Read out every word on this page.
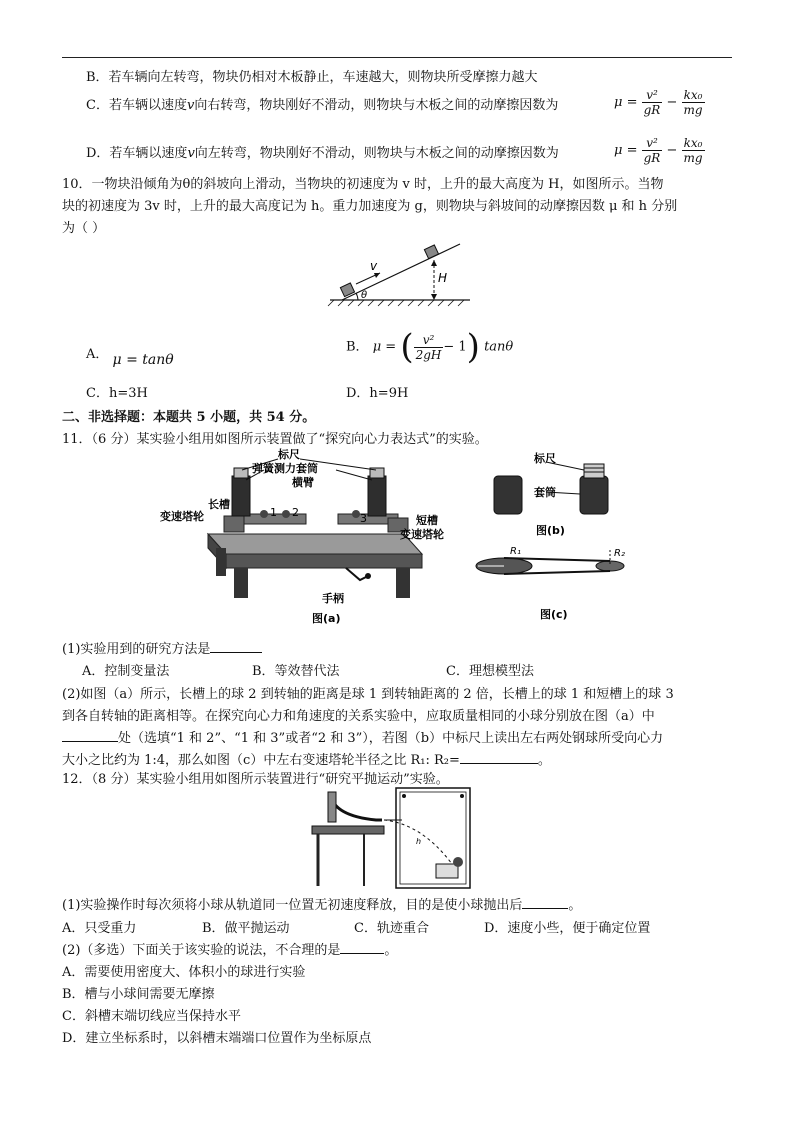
B．若车辆向左转弯，物块仍相对木板静止，车速越大，则物块所受摩擦力越大
C．若车辆以速度v向右转弯，物块刚好不滑动，则物块与木板之间的动摩擦因数为	$\mu = \frac{\text{v²}}{gR} - \frac{\text{kx₀}}{mg}$
D．若车辆以速度v向左转弯，物块刚好不滑动，则物块与木板之间的动摩擦因数为	$\mu = \frac{\text{v²}}{gR} - \frac{\text{kx₀}}{mg}$
10．一物块沿倾角为θ的斜坡向上滑动，当物块的初速度为 v 时，上升的最大高度为 H，如图所示。当物
块的初速度为 3v 时，上升的最大高度记为 h。重力加速度为 g，则物块与斜坡间的动摩擦因数 μ 和 h 分别
为（ ）
v
H
θ
A． μ = tanθ
B． μ = ( $\frac{\text{v²}}{2gH} - 1$) tanθ
C．h=3H	D．h=9H
二、非选择题：本题共 5 小题，共 54 分。
11．（6 分）某实验小组用如图所示装置做了“探究向心力表达式”的实验。
标尺
弹簧测力套筒
横臂
长槽
变速塔轮	短槽
变速塔轮
1 2	3
手柄
图(a)
标尺
套筒
图(b)
R₁	R₂
图(c)
(1)实验用到的研究方法是
A．控制变量法	B．等效替代法	C．理想模型法
(2)如图（a）所示，长槽上的球 2 到转轴的距离是球 1 到转轴距离的 2 倍，长槽上的球 1 和短槽上的球 3
到各自转轴的距离相等。在探究向心力和角速度的关系实验中，应取质量相同的小球分别放在图（a）中
处（选填“1 和 2”、“1 和 3”或者“2 和 3”），若图（b）中标尺上读出左右两处钢球所受向心力
大小之比约为 1:4，那么如图（c）中左右变速塔轮半径之比 R₁: R₂=	。
12．（8 分）某实验小组用如图所示装置进行“研究平抛运动”实验。
h
(1)实验操作时每次须将小球从轨道同一位置无初速度释放，目的是使小球抛出后	。
A．只受重力	B．做平抛运动	C．轨迹重合	D．速度小些，便于确定位置
(2)（多选）下面关于该实验的说法，不合理的是	。
A．需要使用密度大、体积小的球进行实验
B．槽与小球间需要无摩擦
C．斜槽末端切线应当保持水平
D．建立坐标系时，以斜槽末端端口位置作为坐标原点
